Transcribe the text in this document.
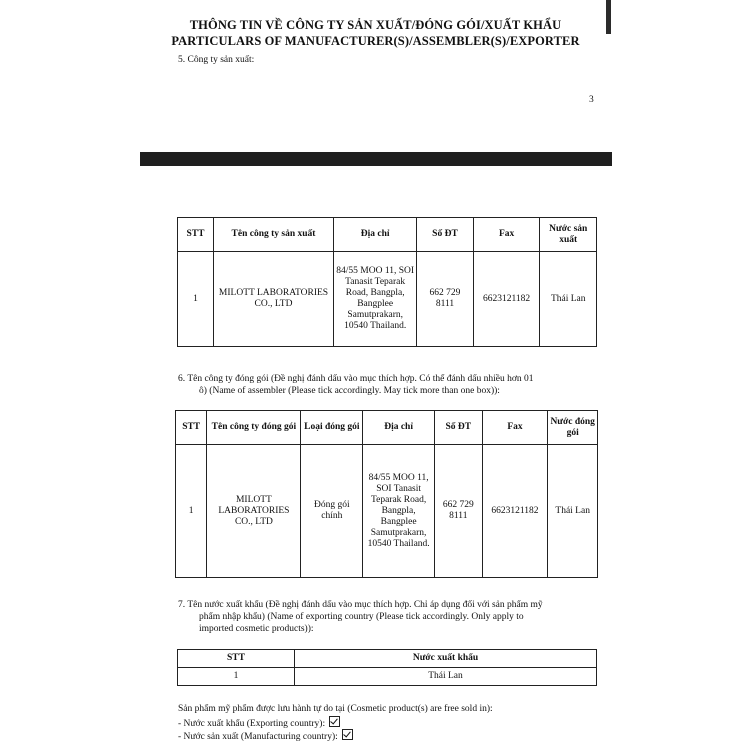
THÔNG TIN VỀ CÔNG TY SẢN XUẤT/ĐÓNG GÓI/XUẤT KHẨU
PARTICULARS OF MANUFACTURER(S)/ASSEMBLER(S)/EXPORTER
5. Công ty sản xuất:
3
STT	Tên công ty sản xuất	Địa chỉ	Số ĐT	Fax	Nước sản xuất
1	MILOTT LABORATORIES CO., LTD	84/55 MOO 11, SOI Tanasit Teparak Road, Bangpla, Bangplee Samutprakarn, 10540 Thailand.	662 729 8111	6623121182	Thái Lan
6. Tên công ty đóng gói (Đề nghị đánh dấu vào mục thích hợp. Có thể đánh dấu nhiều hơn 01
ô) (Name of assembler (Please tick accordingly. May tick more than one box)):
STT	Tên công ty đóng gói	Loại đóng gói	Địa chỉ	Số ĐT	Fax	Nước đóng gói
1	MILOTT LABORATORIES CO., LTD	Đóng gói chính	84/55 MOO 11, SOI Tanasit Teparak Road, Bangpla, Bangplee Samutprakarn, 10540 Thailand.	662 729 8111	6623121182	Thái Lan
7. Tên nước xuất khẩu (Đề nghị đánh dấu vào mục thích hợp. Chỉ áp dụng đối với sản phẩm mỹ
phẩm nhập khẩu) (Name of exporting country (Please tick accordingly. Only apply to
imported cosmetic products)):
STT	Nước xuất khẩu
1	Thái Lan
Sản phẩm mỹ phẩm được lưu hành tự do tại (Cosmetic product(s) are free sold in):
- Nước xuất khẩu (Exporting country):
- Nước sản xuất (Manufacturing country):
